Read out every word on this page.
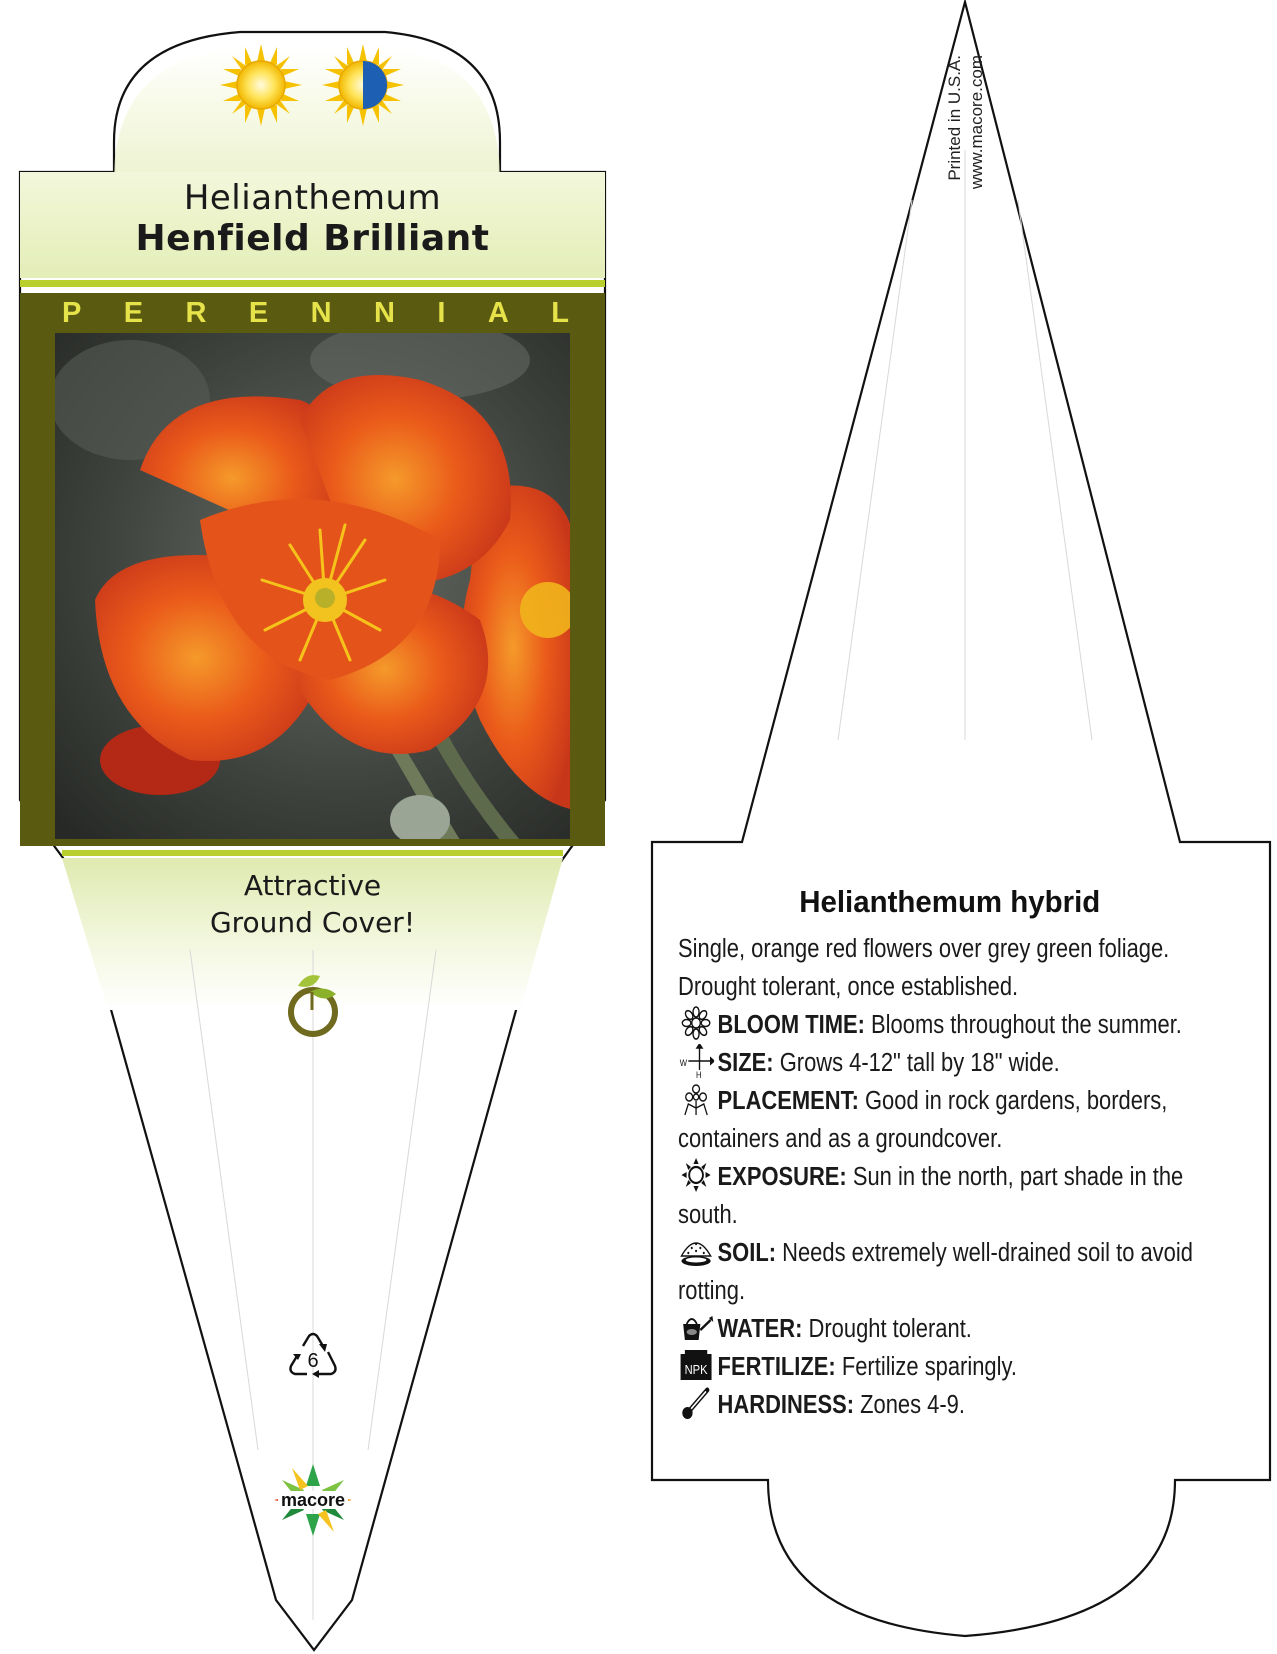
Helianthemum
Henfield Brilliant
P E R E N N I A L
Attractive
Ground Cover!
6
macore
Printed in U.S.A. www.macore.com
Helianthemum hybrid

Single, orange red flowers over grey green foliage. Drought tolerant, once established.

BLOOM TIME: Blooms throughout the summer.
W
H SIZE: Grows 4-12" tall by 18" wide.
PLACEMENT: Good in rock gardens, borders, containers and as a groundcover.
EXPOSURE: Sun in the north, part shade in the south.
SOIL: Needs extremely well-drained soil to avoid rotting.
WATER: Drought tolerant.
NPK FERTILIZE: Fertilize sparingly.
HARDINESS: Zones 4-9.
